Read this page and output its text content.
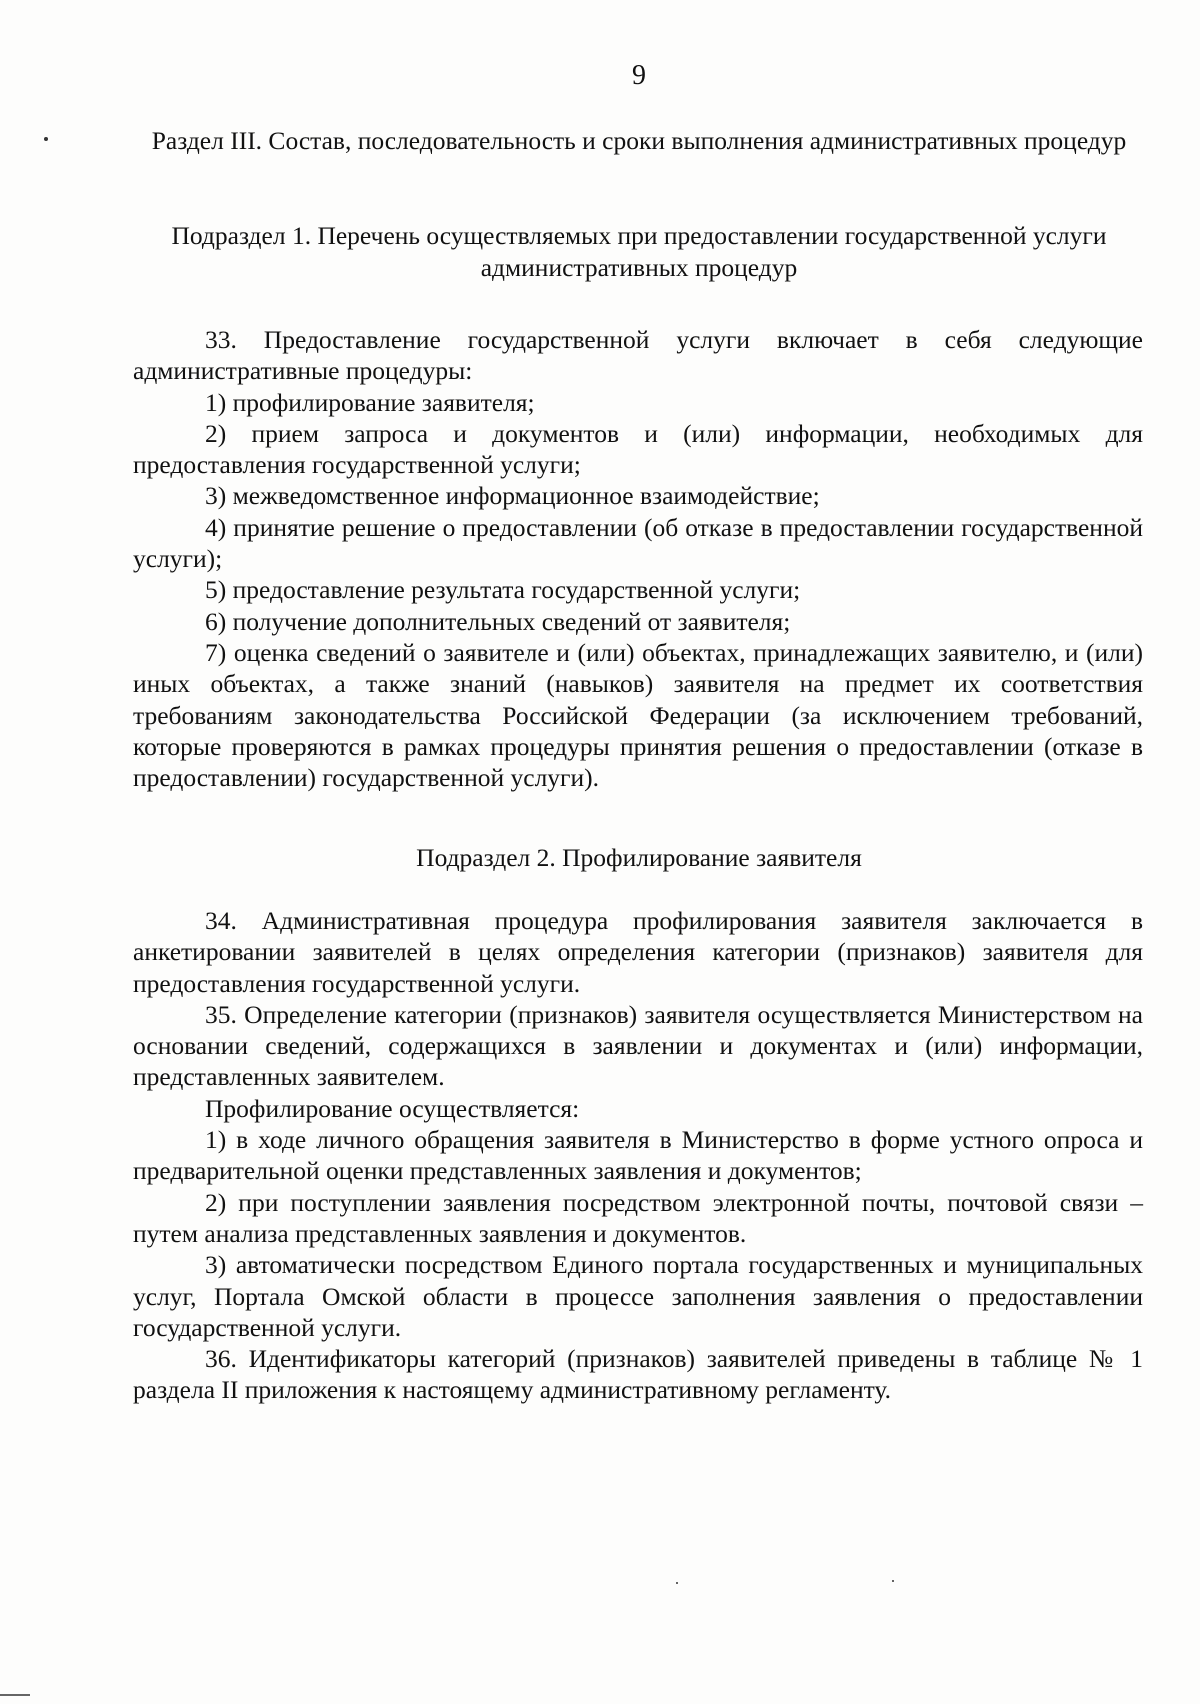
9
Раздел III. Состав, последовательность и сроки выполнения административных процедур
Подраздел 1. Перечень осуществляемых при предоставлении государственной услуги административных процедур

33. Предоставление государственной услуги включает в себя следующие административные процедуры:

1) профилирование заявителя;

2) прием запроса и документов и (или) информации, необходимых для предоставления государственной услуги;

3) межведомственное информационное взаимодействие;

4) принятие решение о предоставлении (об отказе в предоставлении государственной услуги);

5) предоставление результата государственной услуги;

6) получение дополнительных сведений от заявителя;

7) оценка сведений о заявителе и (или) объектах, принадлежащих заявителю, и (или) иных объектах, а также знаний (навыков) заявителя на предмет их соответствия требованиям законодательства Российской Федерации (за исключением требований, которые проверяются в рамках процедуры принятия решения о предоставлении (отказе в предоставлении) государственной услуги).

Подраздел 2. Профилирование заявителя

34. Административная процедура профилирования заявителя заключается в анкетировании заявителей в целях определения категории (признаков) заявителя для предоставления государственной услуги.

35. Определение категории (признаков) заявителя осуществляется Министерством на основании сведений, содержащихся в заявлении и документах и (или) информации, представленных заявителем.

Профилирование осуществляется:

1) в ходе личного обращения заявителя в Министерство в форме устного опроса и предварительной оценки представленных заявления и документов;

2) при поступлении заявления посредством электронной почты, почтовой связи – путем анализа представленных заявления и документов.

3) автоматически посредством Единого портала государственных и муниципальных услуг, Портала Омской области в процессе заполнения заявления о предоставлении государственной услуги.

36. Идентификаторы категорий (признаков) заявителей приведены в таблице № 1 раздела II приложения к настоящему административному регламенту.
